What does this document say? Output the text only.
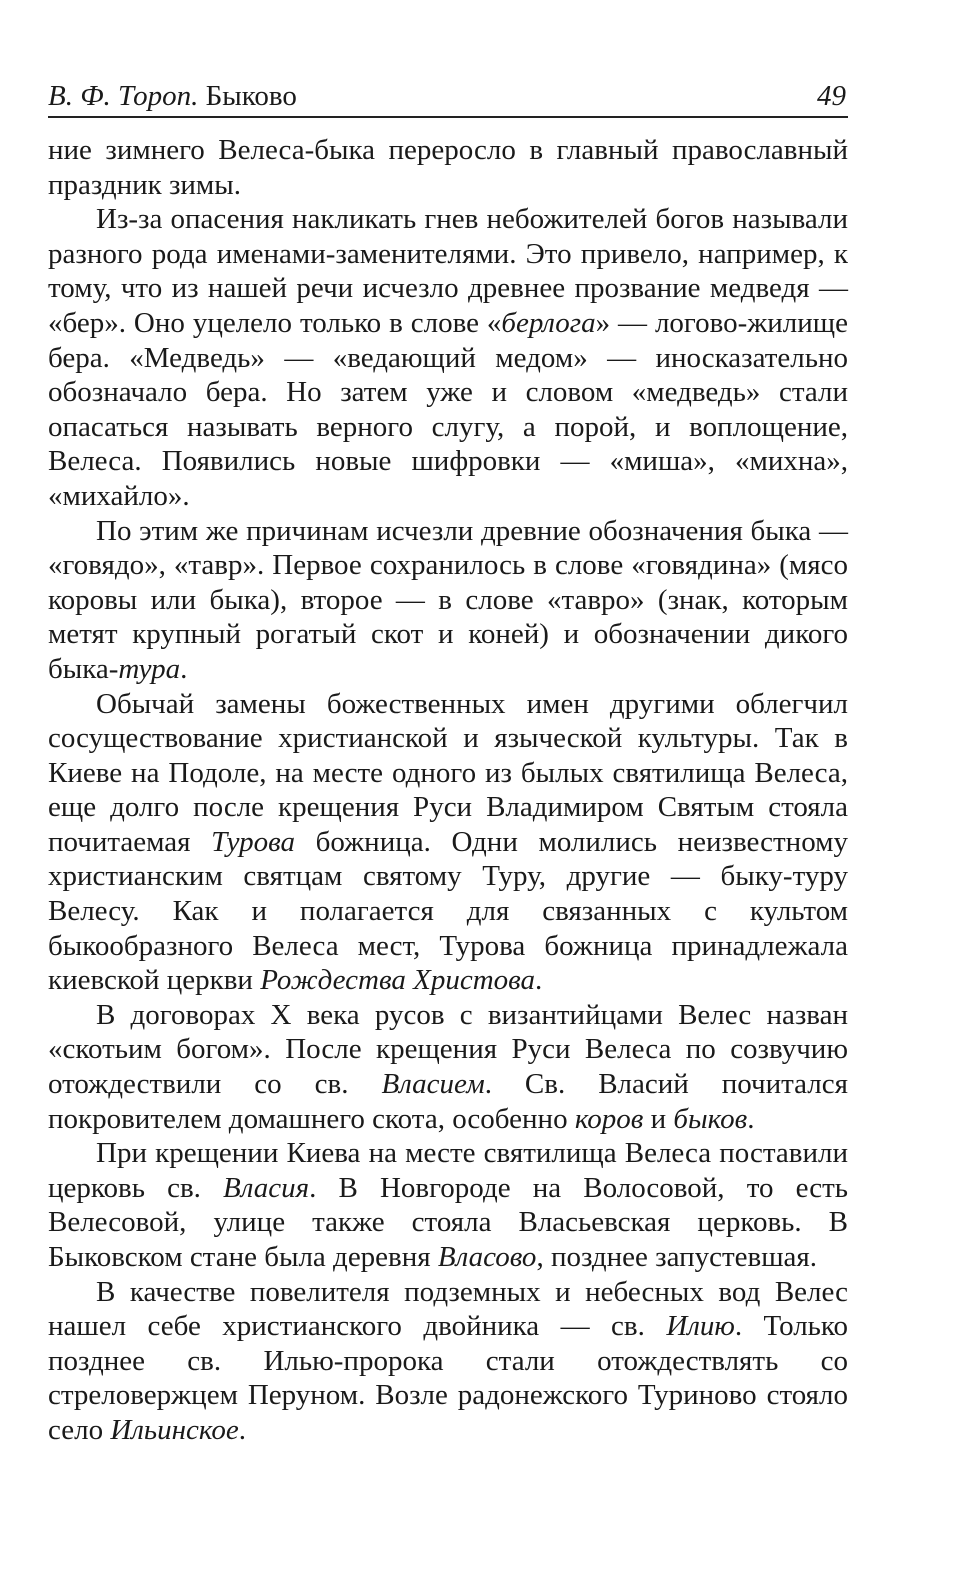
В. Ф. Тороп. Быково	49

ние зимнего Велеса-быка переросло в главный православный праздник зимы.

Из-за опасения накликать гнев небожителей богов называли разного рода именами-заменителями. Это привело, например, к тому, что из нашей речи исчезло древнее прозвание медведя — «бер». Оно уцелело только в слове «берлога» — логово-жилище бера. «Медведь» — «ведающий медом» — иносказательно обозначало бера. Но затем уже и словом «медведь» стали опасаться называть верного слугу, а порой, и воплощение, Велеса. Появились новые шифровки — «миша», «михна», «михайло».

По этим же причинам исчезли древние обозначения быка — «говядо», «тавр». Первое сохранилось в слове «говядина» (мясо коровы или быка), второе — в слове «тавро» (знак, которым метят крупный рогатый скот и коней) и обозначении дикого быка-тура.

Обычай замены божественных имен другими облегчил сосуществование христианской и языческой культуры. Так в Киеве на Подоле, на месте одного из былых святилища Велеса, еще долго после крещения Руси Владимиром Святым стояла почитаемая Турова божница. Одни молились неизвестному христианским святцам святому Туру, другие — быку-туру Велесу. Как и полагается для связанных с культом быкообразного Велеса мест, Турова божница принадлежала киевской церкви Рождества Христова.

В договорах X века русов с византийцами Велес назван «скотьим богом». После крещения Руси Велеса по созвучию отождествили со св. Власием. Св. Власий почитался покровителем домашнего скота, особенно коров и быков.

При крещении Киева на месте святилища Велеса поставили церковь св. Власия. В Новгороде на Волосовой, то есть Велесовой, улице также стояла Власьевская церковь. В Быковском стане была деревня Власово, позднее запустевшая.

В качестве повелителя подземных и небесных вод Велес нашел себе христианского двойника — св. Илию. Только позднее св. Илью-пророка стали отождествлять со стреловержцем Перуном. Возле радонежского Туриново стояло село Ильинское.
